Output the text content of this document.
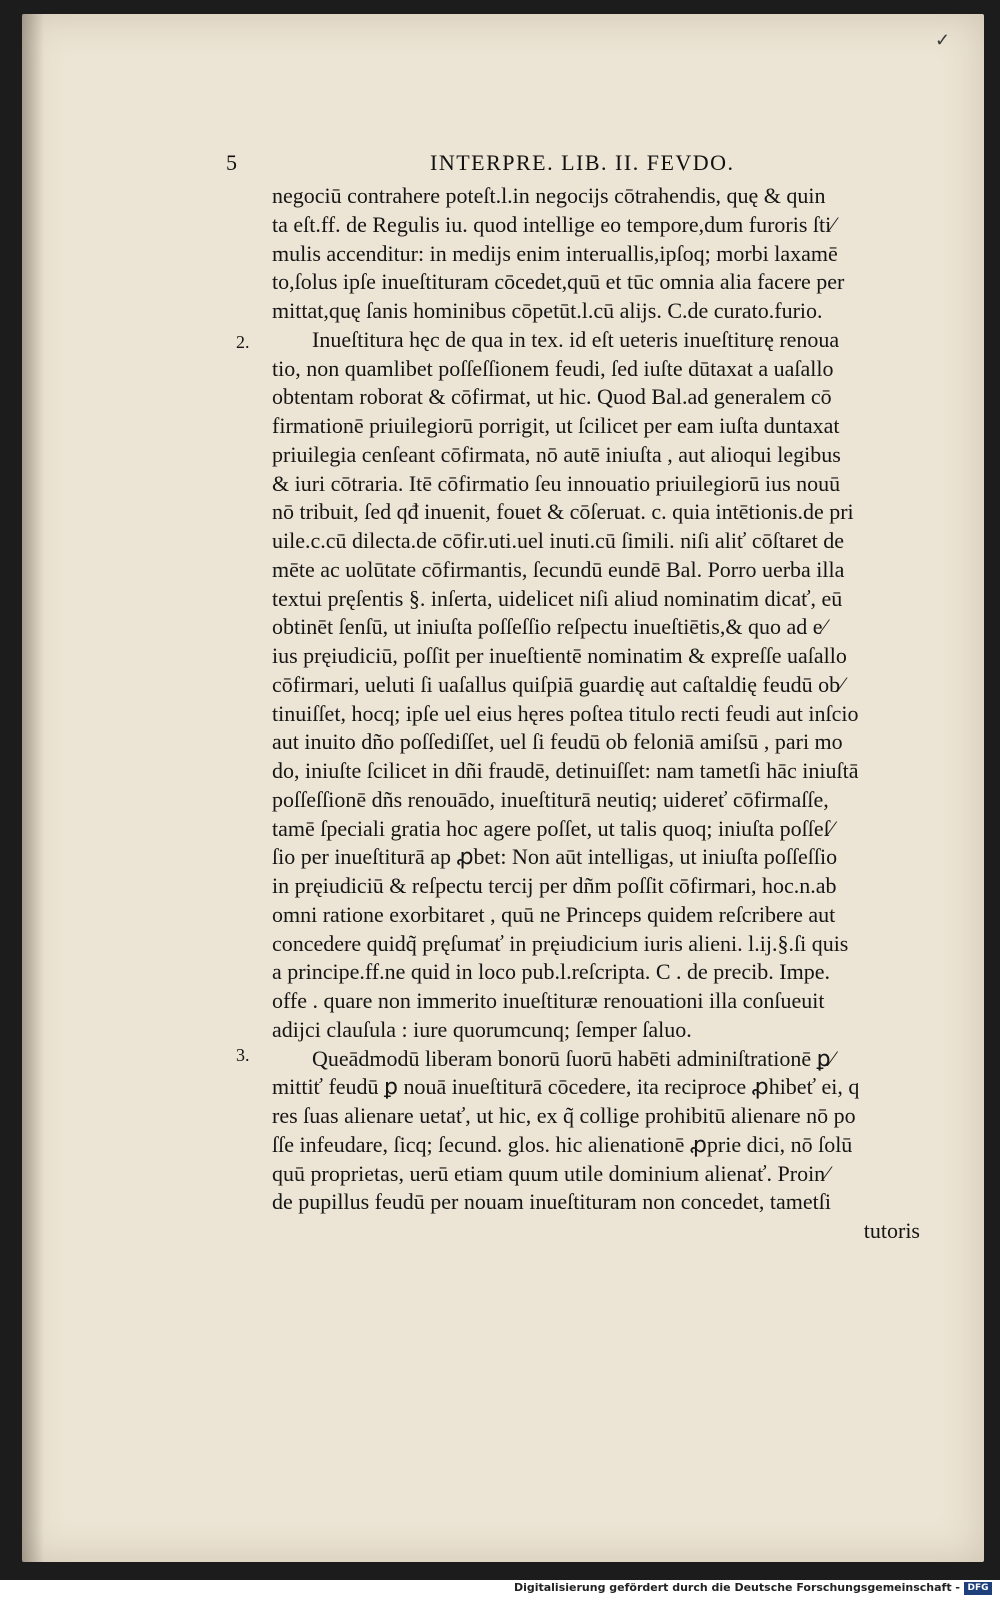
✓
5	INTERPRE. LIB. II. FEVDO.
2.
3.
negociū contrahere poteſt.l.in negocijs cōtrahendis, quę & quin
ta eſt.ff. de Regulis iu. quod intellige eo tempore,dum furoris ſti⁄
mulis accenditur: in medijs enim interuallis,ipſoq; morbi laxamē
to,ſolus ipſe inueſtituram cōcedet,quū et tūc omnia alia facere per
mittat,quę ſanis hominibus cōpetūt.l.cū alijs. C.de curato.furio.
Inueſtitura hęc de qua in tex. id eſt ueteris inueſtiturę renoua
tio, non quamlibet poſſeſſionem feudi, ſed iuſte dūtaxat a uaſallo
obtentam roborat & cōfirmat, ut hic. Quod Bal.ad generalem cō
firmationē priuilegiorū porrigit, ut ſcilicet per eam iuſta duntaxat
priuilegia cenſeant cōfirmata, nō autē iniuſta , aut alioqui legibus
& iuri cōtraria. Itē cōfirmatio ſeu innouatio priuilegiorū ius nouū
nō tribuit, ſed qđ inuenit, fouet & cōſeruat. c. quia intētionis.de pri
uile.c.cū dilecta.de cōfir.uti.uel inuti.cū ſimili. niſi aliť cōſtaret de
mēte ac uolūtate cōfirmantis, ſecundū eundē Bal. Porro uerba illa
textui pręſentis §. inſerta, uidelicet niſi aliud nominatim dicať, eū
obtinēt ſenſū, ut iniuſta poſſeſſio reſpectu inueſtiētis,& quo ad e⁄
ius pręiudiciū, poſſit per inueſtientē nominatim & expreſſe uaſallo
cōfirmari, ueluti ſi uaſallus quiſpiā guardię aut caſtaldię feudū ob⁄
tinuiſſet, hocq; ipſe uel eius hęres poſtea titulo recti feudi aut inſcio
aut inuito dño poſſediſſet, uel ſi feudū ob feloniā amiſsū , pari mo
do, iniuſte ſcilicet in dñi fraudē, detinuiſſet: nam tametſi hāc iniuſtā
poſſeſſionē dñs renouādo, inueſtiturā neutiq; uidereť cōfirmaſſe,
tamē ſpeciali gratia hoc agere poſſet, ut talis quoq; iniuſta poſſeſ⁄
ſio per inueſtiturā ap ꝓbet: Non aūt intelligas, ut iniuſta poſſeſſio
in pręiudiciū & reſpectu tercij per dñm poſſit cōfirmari, hoc.n.ab
omni ratione exorbitaret , quū ne Princeps quidem reſcribere aut
concedere quidq̃ pręſumať in pręiudicium iuris alieni. l.ij.§.ſi quis
a principe.ff.ne quid in loco pub.l.reſcripta. C . de precib. Impe.
offe . quare non immerito inueſtituræ renouationi illa conſueuit
adijci clauſula : iure quorumcunq; ſemper ſaluo.
Queādmodū liberam bonorū ſuorū habēti adminiſtrationē ꝑ⁄
mittiť feudū ꝑ nouā inueſtiturā cōcedere, ita reciproce ꝓhibeť ei, q
res ſuas alienare uetať, ut hic, ex q̃ collige prohibitū alienare nō po
ſſe infeudare, ſicq; ſecund. glos. hic alienationē ꝓprie dici, nō ſolū
quū proprietas, uerū etiam quum utile dominium alienať. Proin⁄
de pupillus feudū per nouam inueſtituram non concedet, tametſi
tutoris
Digitalisierung gefördert durch die Deutsche Forschungsgemeinschaft - DFG
